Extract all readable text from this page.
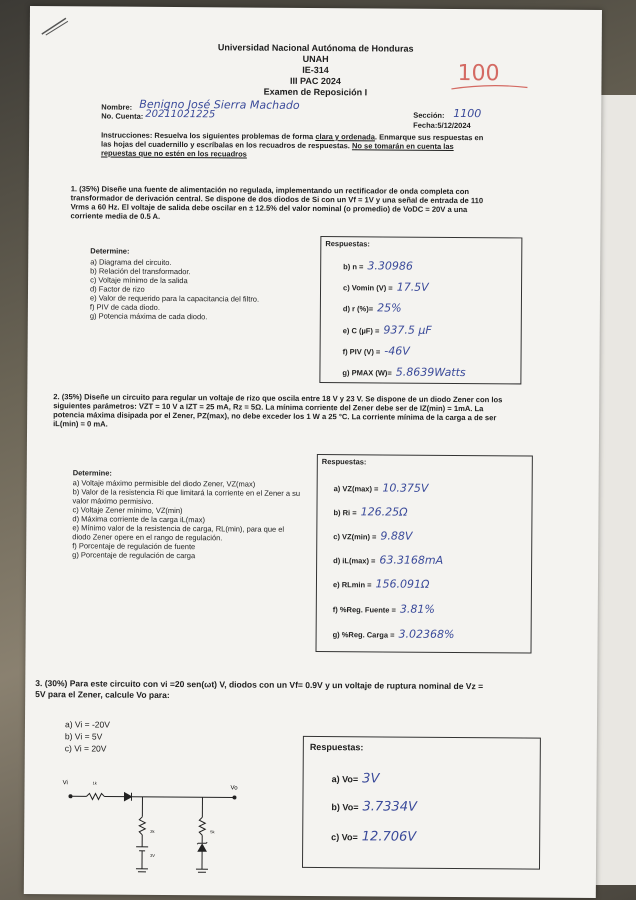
Universidad Nacional Autónoma de Honduras
UNAH
IE-314
III PAC 2024
Examen de Reposición I
100
Nombre: Benigno José Sierra Machado
No. Cuenta: 20211021225	Sección: 1100
Fecha:5/12/2024
Instrucciones: Resuelva los siguientes problemas de forma clara y ordenada. Enmarque sus respuestas en las hojas del cuadernillo y escríbalas en los recuadros de respuestas. No se tomarán en cuenta las repuestas que no estén en los recuadros
1. (35%) Diseñe una fuente de alimentación no regulada, implementando un rectificador de onda completa con transformador de derivación central. Se dispone de dos diodos de Si con un Vf = 1V y una señal de entrada de 110 Vrms a 60 Hz. El voltaje de salida debe oscilar en ± 12.5% del valor nominal (o promedio) de VoDC = 20V a una corriente media de 0.5 A.
Determine:
a) Diagrama del circuito.
b) Relación del transformador.
c) Voltaje mínimo de la salida
d) Factor de rizo
e) Valor de requerido para la capacitancia del filtro.
f) PIV de cada diodo.
g) Potencia máxima de cada diodo.
Respuestas:
b) n = 3.30986
c) Vomin (V) = 17.5V
d) r (%)= 25%
e) C (µF) = 937.5 µF
f) PIV (V) = -46V
g) PMAX (W)= 5.8639Watts
2. (35%) Diseñe un circuito para regular un voltaje de rizo que oscila entre 18 V y 23 V. Se dispone de un diodo Zener con los siguientes parámetros: VZT = 10 V a IZT = 25 mA, Rz = 5Ω. La mínima corriente del Zener debe ser de IZ(min) = 1mA. La potencia máxima disipada por el Zener, PZ(max), no debe exceder los 1 W a 25 °C. La corriente mínima de la carga a de ser iL(min) = 0 mA.
Determine:
a) Voltaje máximo permisible del diodo Zener, VZ(max)
b) Valor de la resistencia Ri que limitará la corriente en el Zener a su valor máximo permisivo.
c) Voltaje Zener mínimo, VZ(min)
d) Máxima corriente de la carga iL(max)
e) Mínimo valor de la resistencia de carga, RL(min), para que el diodo Zener opere en el rango de regulación.
f) Porcentaje de regulación de fuente
g) Porcentaje de regulación de carga
Respuestas:
a) VZ(max) = 10.375V
b) Ri = 126.25Ω
c) VZ(min) = 9.88V
d) iL(max) = 63.3168mA
e) RLmin = 156.091Ω
f) %Reg. Fuente = 3.81%
g) %Reg. Carga = 3.02368%
3. (30%) Para este circuito con vi =20 sen(ωt) V, diodos con un Vf= 0.9V y un voltaje de ruptura nominal de Vz = 5V para el Zener, calcule Vo para:
a) Vi = -20V
b) Vi = 5V
c) Vi = 20V
Vi
Vo
1k
2k	5k
3V
Respuestas:
a) Vo= 3V
b) Vo= 3.7334V
c) Vo= 12.706V
